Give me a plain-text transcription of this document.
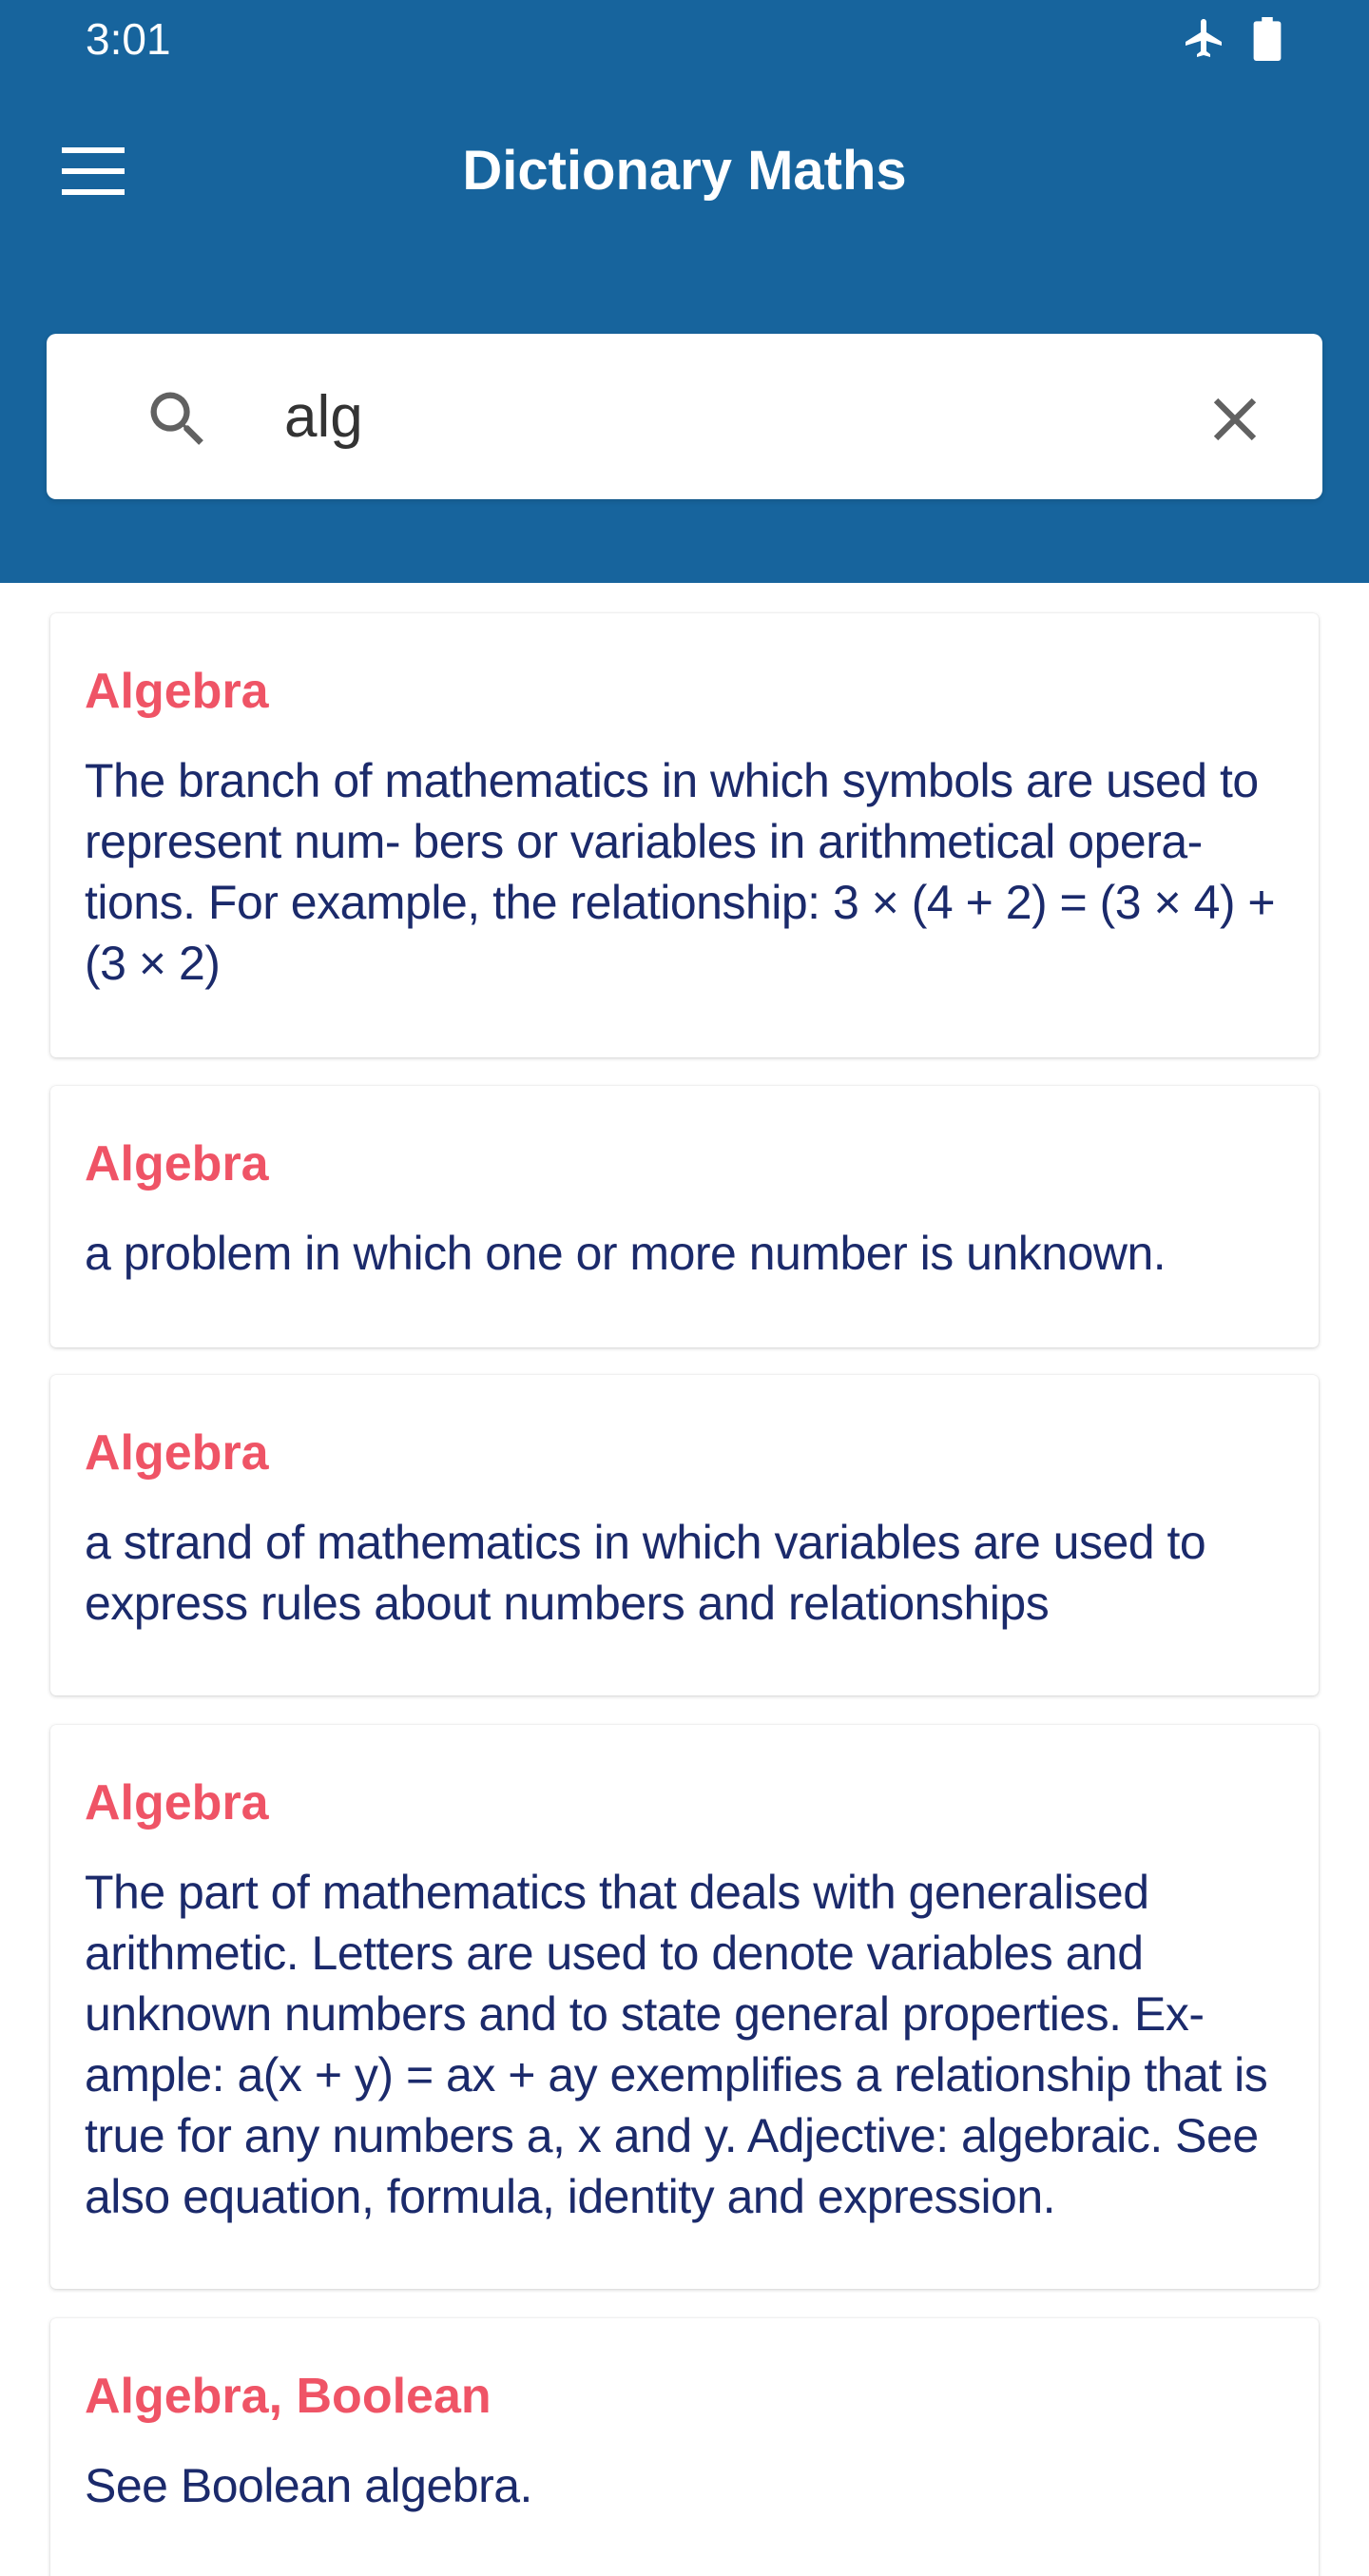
3:01
Dictionary Maths
alg
Algebra
The branch of mathematics in which symbols are used to represent num- bers or variables in arithmetical opera- tions. For example, the relationship: 3 × (4 + 2) = (3 × 4) + (3 × 2)
Algebra
a problem in which one or more number is unknown.
Algebra
a strand of mathematics in which variables are used to express rules about numbers and relationships
Algebra
The part of mathematics that deals with generalised arithmetic. Letters are used to denote variables and unknown numbers and to state general properties. Ex- ample: a(x + y) = ax + ay exemplifies a relationship that is true for any numbers a, x and y. Adjective: algebraic. See also equation, formula, identity and expression.
Algebra, Boolean
See Boolean algebra.
